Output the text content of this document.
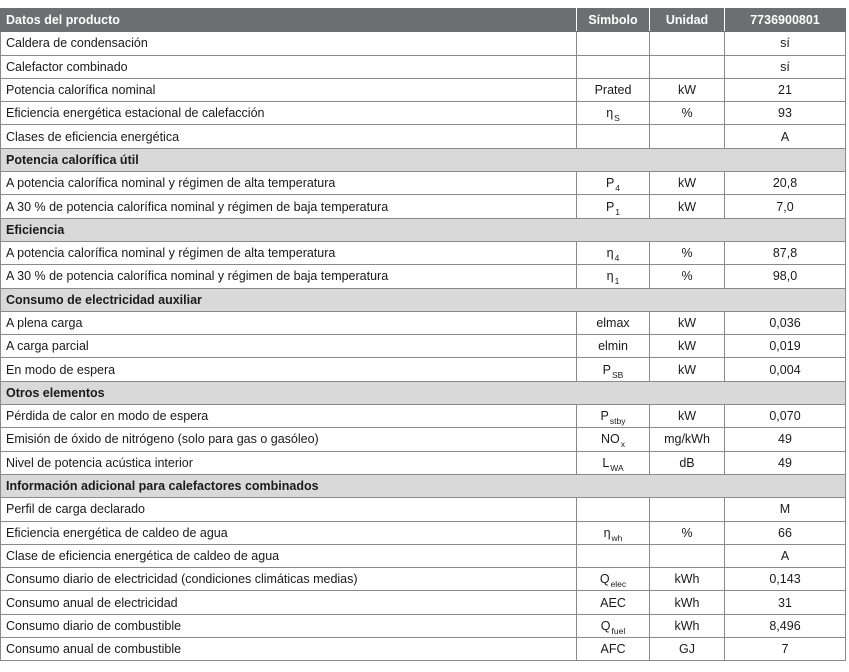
Datos del producto	Símbolo	Unidad	7736900801
Caldera de condensación			sí
Calefactor combinado			sí
Potencia calorífica nominal	Prated	kW	21
Eficiencia energética estacional de calefacción	$\eta_S$	%	93
Clases de eficiencia energética			A
Potencia calorífica útil			
A potencia calorífica nominal y régimen de alta temperatura	$P_4$	kW	20,8
A 30 % de potencia calorífica nominal y régimen de baja temperatura	$P_1$	kW	7,0
Eficiencia			
A potencia calorífica nominal y régimen de alta temperatura	$\eta_4$	%	87,8
A 30 % de potencia calorífica nominal y régimen de baja temperatura	$\eta_1$	%	98,0
Consumo de electricidad auxiliar			
A plena carga	elmax	kW	0,036
A carga parcial	elmin	kW	0,019
En modo de espera	$P_{SB}$	kW	0,004
Otros elementos			
Pérdida de calor en modo de espera	$P_{stby}$	kW	0,070
Emisión de óxido de nitrógeno (solo para gas o gasóleo)	$NO_x$	mg/kWh	49
Nivel de potencia acústica interior	$L_{WA}$	dB	49
Información adicional para calefactores combinados			
Perfil de carga declarado			M
Eficiencia energética de caldeo de agua	$\eta_{wh}$	%	66
Clase de eficiencia energética de caldeo de agua			A
Consumo diario de electricidad (condiciones climáticas medias)	$Q_{elec}$	kWh	0,143
Consumo anual de electricidad	AEC	kWh	31
Consumo diario de combustible	$Q_{fuel}$	kWh	8,496
Consumo anual de combustible	AFC	GJ	7
